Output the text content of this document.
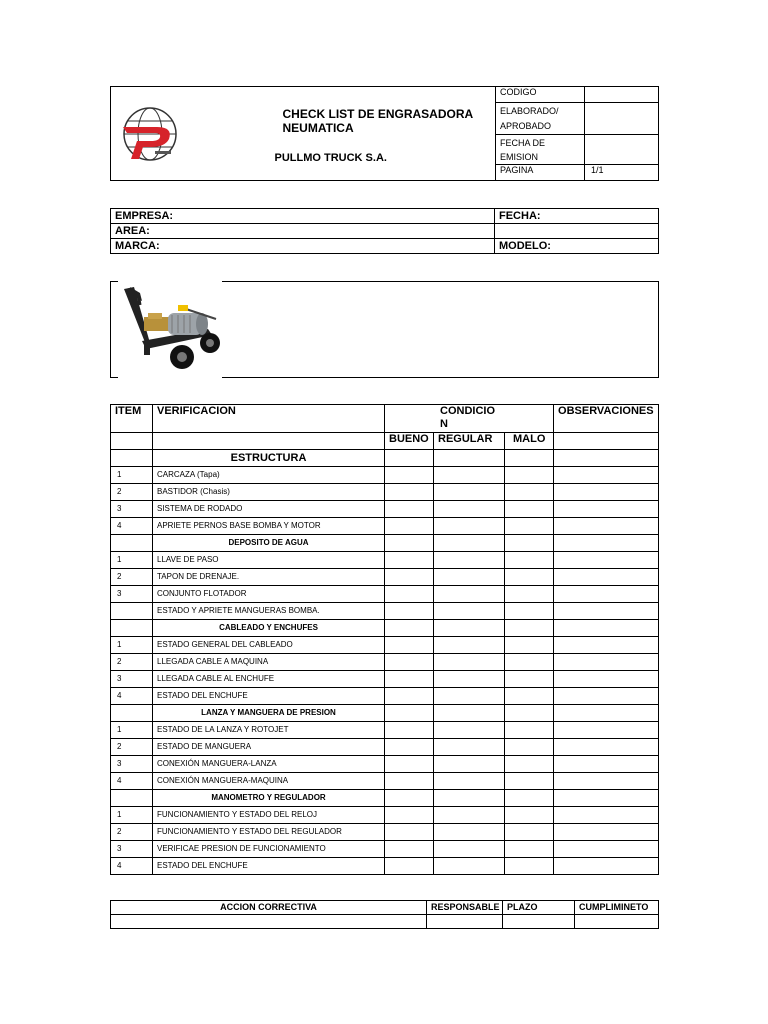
CHECK LIST DE ENGRASADORA NEUMATICA
PULLMO TRUCK S.A.	CODIGO	

		ELABORADO/
APROBADO	

		FECHA DE
EMISION	

		PAGINA	1/1
EMPRESA:	FECHA:
AREA:	
MARCA:	MODELO:
ITEM	VERIFICACION	CONDICIO
N			OBSERVACIONES
		BUENO	REGULAR	MALO	
	ESTRUCTURA				
1	CARCAZA (Tapa)				
2	BASTIDOR (Chasis)				
3	SISTEMA DE RODADO				
4	APRIETE PERNOS BASE BOMBA Y MOTOR				
	DEPOSITO DE AGUA				
1	LLAVE DE PASO				
2	TAPON DE DRENAJE.				
3	CONJUNTO FLOTADOR				
	ESTADO Y APRIETE MANGUERAS BOMBA.				
	CABLEADO Y ENCHUFES				
1	ESTADO GENERAL DEL CABLEADO				
2	LLEGADA CABLE A MAQUINA				
3	LLEGADA CABLE AL ENCHUFE				
4	ESTADO DEL ENCHUFE				
	LANZA Y MANGUERA DE PRESION				
1	ESTADO DE LA LANZA Y ROTOJET				
2	ESTADO DE MANGUERA				
3	CONEXIÓN MANGUERA-LANZA				
4	CONEXIÓN MANGUERA-MAQUINA				
	MANOMETRO Y REGULADOR				
1	FUNCIONAMIENTO Y ESTADO DEL RELOJ				
2	FUNCIONAMIENTO Y ESTADO DEL REGULADOR				
3	VERIFICAE PRESION DE FUNCIONAMIENTO				
4	ESTADO DEL ENCHUFE				
ACCION CORRECTIVA	RESPONSABLE	PLAZO	CUMPLIMINETO
